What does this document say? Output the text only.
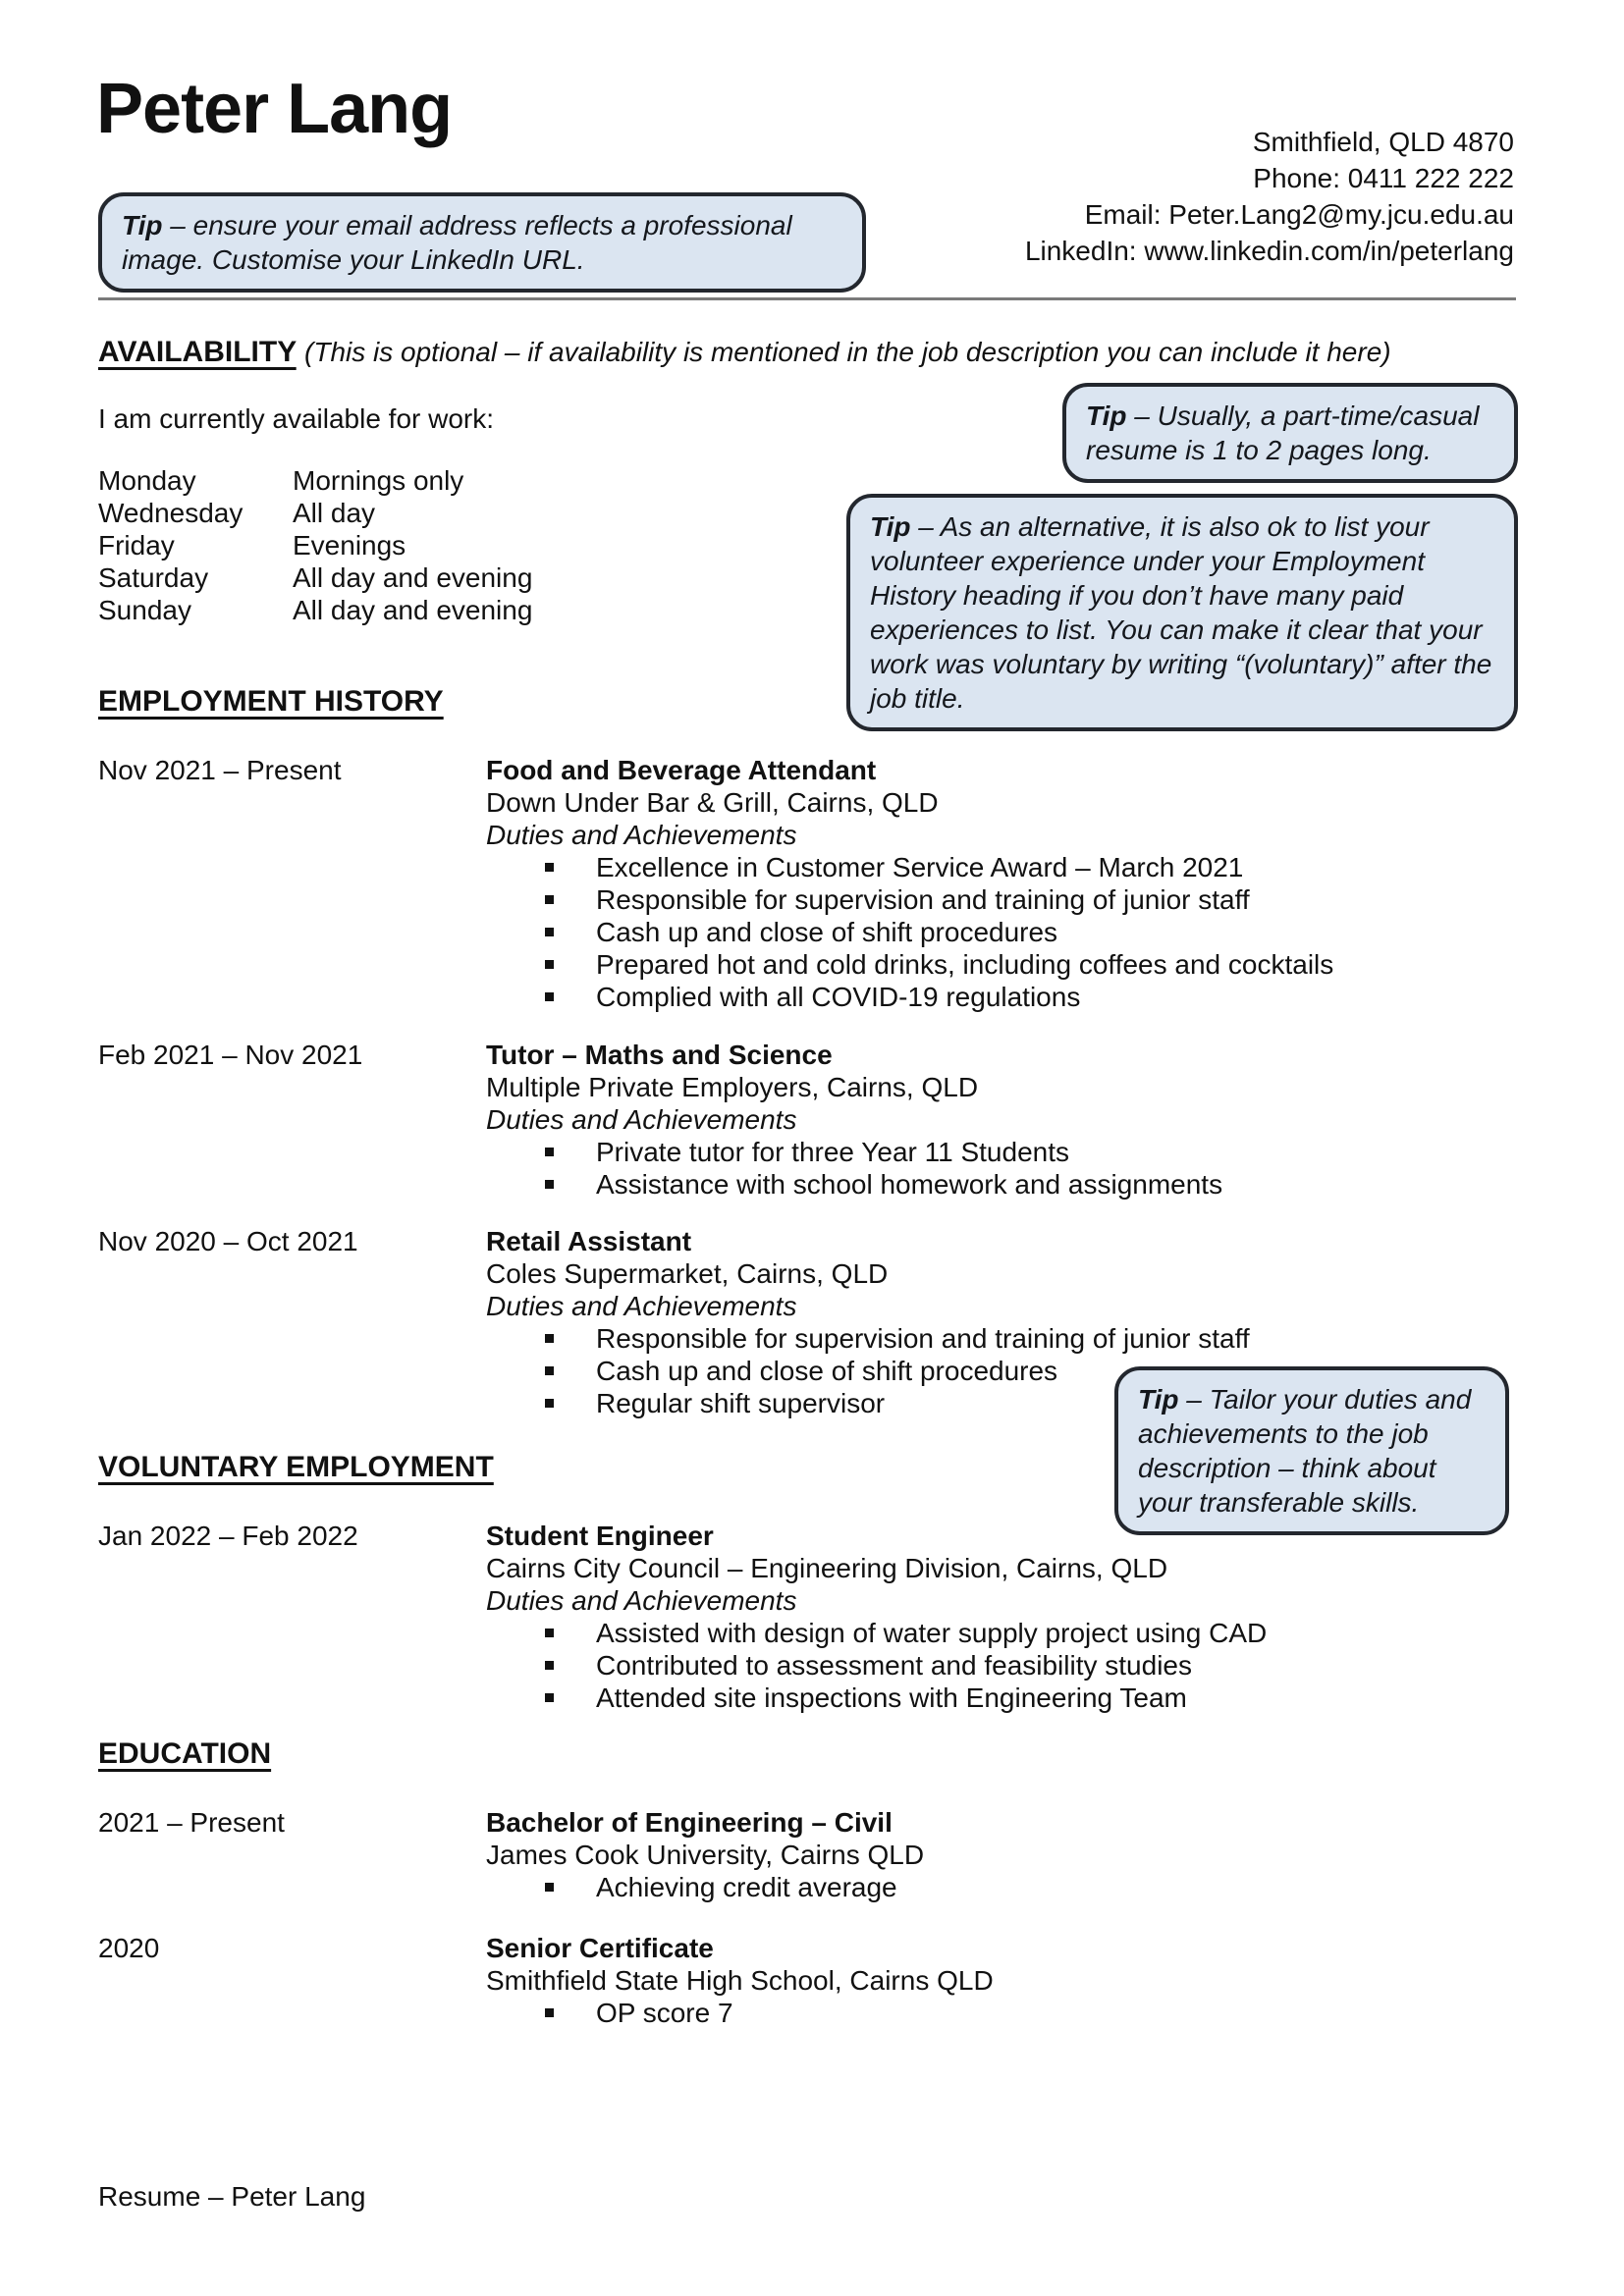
Peter Lang	Smithfield, QLD 4870
Phone: 0411 222 222
Email: Peter.Lang2@my.jcu.edu.au
LinkedIn: www.linkedin.com/in/peterlang
Tip – ensure your email address reflects a professional image. Customise your LinkedIn URL.
AVAILABILITY (This is optional – if availability is mentioned in the job description you can include it here)
I am currently available for work:
Monday	Mornings only
Wednesday	All day
Friday	Evenings
Saturday	All day and evening
Sunday	All day and evening
Tip – Usually, a part-time/casual resume is 1 to 2 pages long.
Tip – As an alternative, it is also ok to list your volunteer experience under your Employment History heading if you don’t have many paid experiences to list. You can make it clear that your work was voluntary by writing “(voluntary)” after the job title.
EMPLOYMENT HISTORY
Nov 2021 – Present	Food and Beverage Attendant
Down Under Bar & Grill, Cairns, QLD
Duties and Achievements
Excellence in Customer Service Award – March 2021
Responsible for supervision and training of junior staff
Cash up and close of shift procedures
Prepared hot and cold drinks, including coffees and cocktails
Complied with all COVID-19 regulations
Feb 2021 – Nov 2021	Tutor – Maths and Science
Multiple Private Employers, Cairns, QLD
Duties and Achievements
Private tutor for three Year 11 Students
Assistance with school homework and assignments
Nov 2020 – Oct 2021	Retail Assistant
Coles Supermarket, Cairns, QLD
Duties and Achievements
Responsible for supervision and training of junior staff
Cash up and close of shift procedures
Regular shift supervisor	Tip – Tailor your duties and achievements to the job description – think about your transferable skills.
VOLUNTARY EMPLOYMENT
Jan 2022 – Feb 2022	Student Engineer
Cairns City Council – Engineering Division, Cairns, QLD
Duties and Achievements
Assisted with design of water supply project using CAD
Contributed to assessment and feasibility studies
Attended site inspections with Engineering Team
EDUCATION
2021 – Present	Bachelor of Engineering – Civil
James Cook University, Cairns QLD
Achieving credit average
2020	Senior Certificate
Smithfield State High School, Cairns QLD
OP score 7
Resume – Peter Lang
